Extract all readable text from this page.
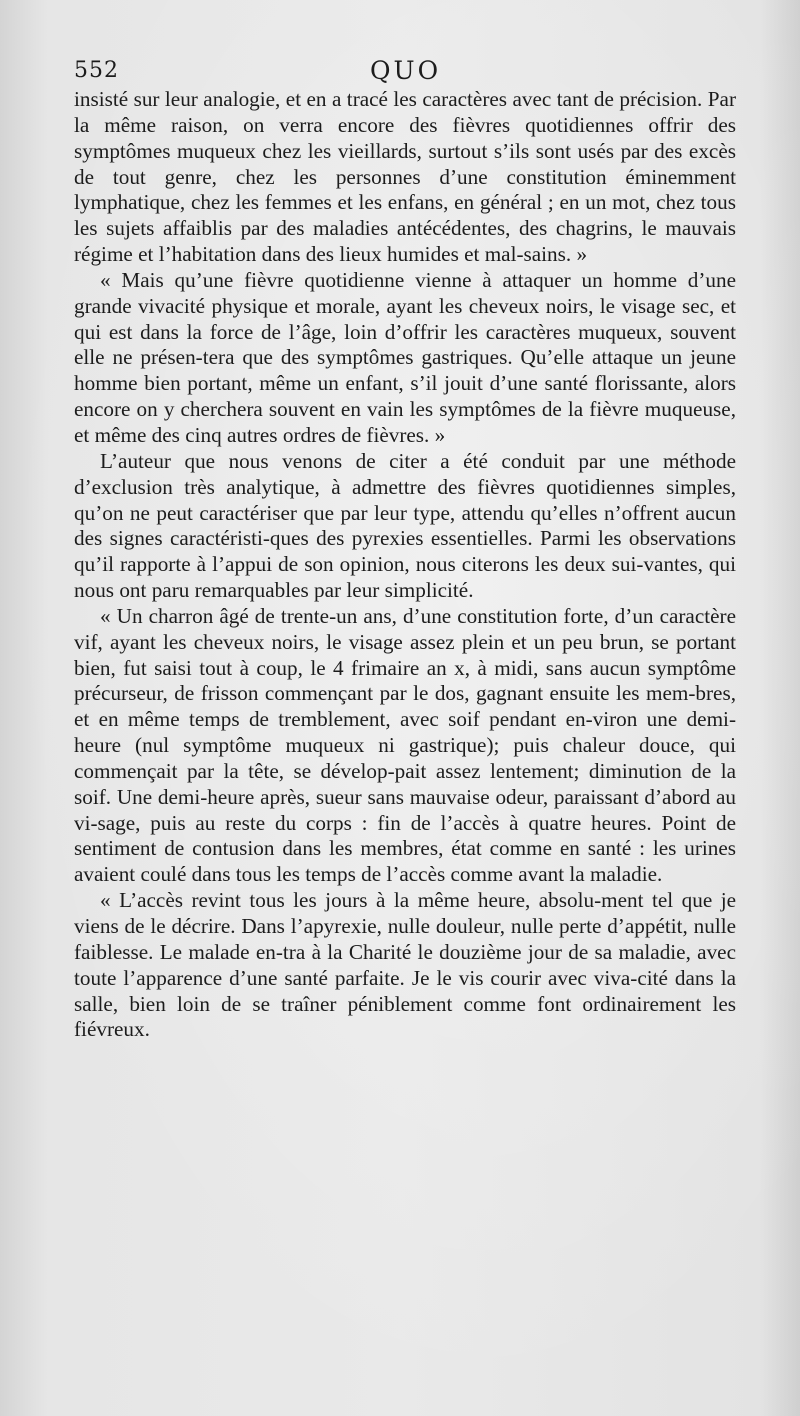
552	QUO

insisté sur leur analogie, et en a tracé les caractères avec tant de précision. Par la même raison, on verra encore des fièvres quotidiennes offrir des symptômes muqueux chez les vieillards, surtout s’ils sont usés par des excès de tout genre, chez les personnes d’une constitution éminemment lymphatique, chez les femmes et les enfans, en général ; en un mot, chez tous les sujets affaiblis par des maladies antécédentes, des chagrins, le mauvais régime et l’habitation dans des lieux humides et mal-sains. »

« Mais qu’une fièvre quotidienne vienne à attaquer un homme d’une grande vivacité physique et morale, ayant les cheveux noirs, le visage sec, et qui est dans la force de l’âge, loin d’offrir les caractères muqueux, souvent elle ne présen-tera que des symptômes gastriques. Qu’elle attaque un jeune homme bien portant, même un enfant, s’il jouit d’une santé florissante, alors encore on y cherchera souvent en vain les symptômes de la fièvre muqueuse, et même des cinq autres ordres de fièvres. »

L’auteur que nous venons de citer a été conduit par une méthode d’exclusion très analytique, à admettre des fièvres quotidiennes simples, qu’on ne peut caractériser que par leur type, attendu qu’elles n’offrent aucun des signes caractéristi-ques des pyrexies essentielles. Parmi les observations qu’il rapporte à l’appui de son opinion, nous citerons les deux sui-vantes, qui nous ont paru remarquables par leur simplicité.

« Un charron âgé de trente-un ans, d’une constitution forte, d’un caractère vif, ayant les cheveux noirs, le visage assez plein et un peu brun, se portant bien, fut saisi tout à coup, le 4 frimaire an x, à midi, sans aucun symptôme précurseur, de frisson commençant par le dos, gagnant ensuite les mem-bres, et en même temps de tremblement, avec soif pendant en-viron une demi-heure (nul symptôme muqueux ni gastrique); puis chaleur douce, qui commençait par la tête, se dévelop-pait assez lentement; diminution de la soif. Une demi-heure après, sueur sans mauvaise odeur, paraissant d’abord au vi-sage, puis au reste du corps : fin de l’accès à quatre heures. Point de sentiment de contusion dans les membres, état comme en santé : les urines avaient coulé dans tous les temps de l’accès comme avant la maladie.

« L’accès revint tous les jours à la même heure, absolu-ment tel que je viens de le décrire. Dans l’apyrexie, nulle douleur, nulle perte d’appétit, nulle faiblesse. Le malade en-tra à la Charité le douzième jour de sa maladie, avec toute l’apparence d’une santé parfaite. Je le vis courir avec viva-cité dans la salle, bien loin de se traîner péniblement comme font ordinairement les fiévreux.
